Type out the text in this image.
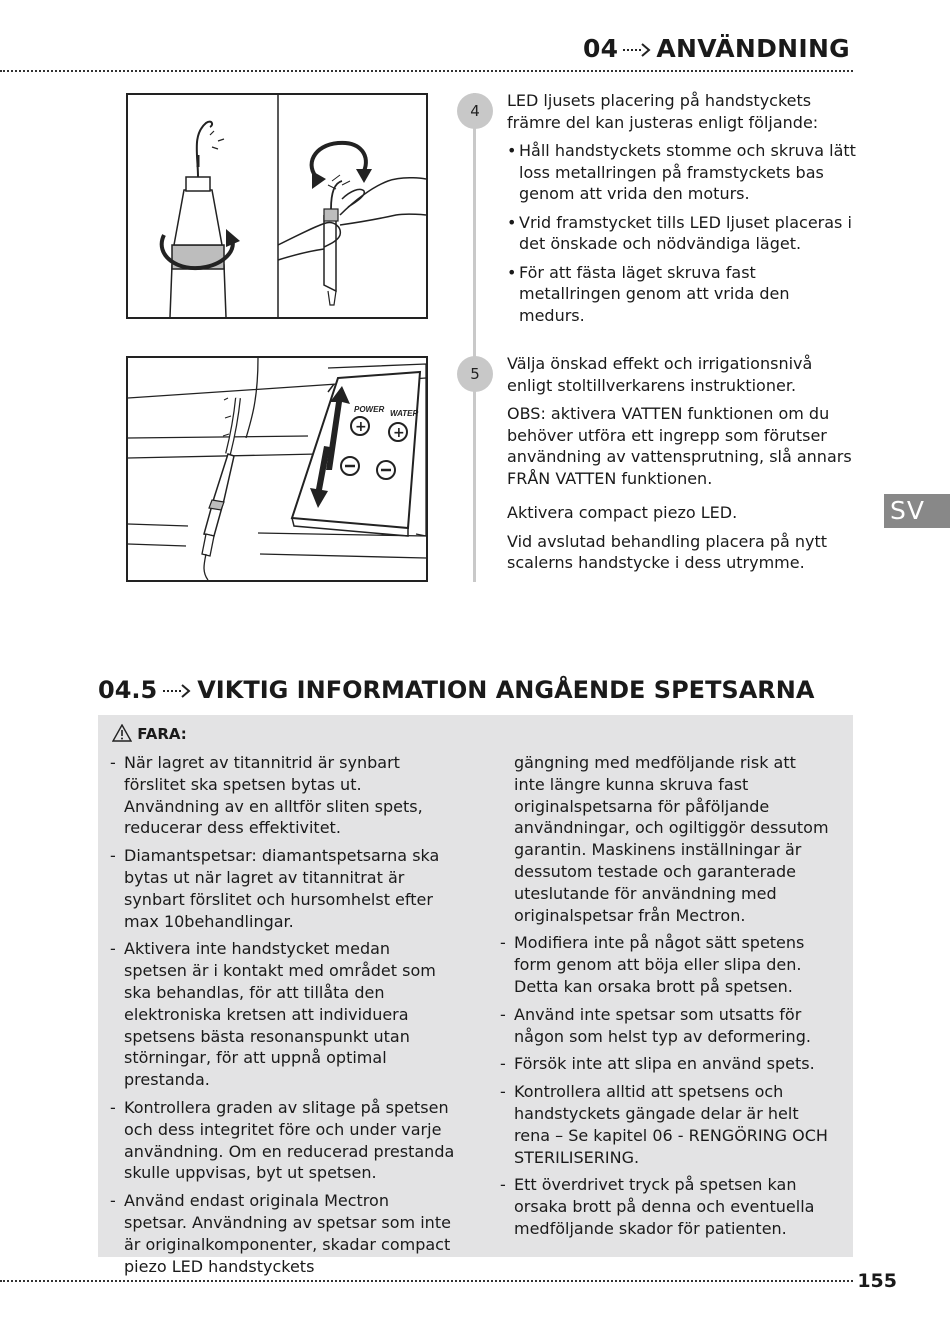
04 ANVÄNDNING
POWER WATER
+ +
4

LED ljusets placering på handstyckets främre del kan justeras enligt följande:

• Håll handstyckets stomme och skruva lätt loss metallringen på framstyckets bas genom att vrida den moturs.
• Vrid framstycket tills LED ljuset placeras i det önskade och nödvändiga läget.
• För att fästa läget skruva fast metallringen genom att vrida den medurs.
5

Välja önskad effekt och irrigationsnivå enligt stoltillverkarens instruktioner.

OBS: aktivera VATTEN funktionen om du behöver utföra ett ingrepp som förutser användning av vattensprutning, slå annars FRÅN VATTEN funktionen.

Aktivera compact piezo LED.

Vid avslutad behandling placera på nytt scalerns handstycke i dess utrymme.

SV
04.5 VIKTIG INFORMATION ANGÅENDE SPETSARNA
FARA:
- När lagret av titannitrid är synbart förslitet ska spetsen bytas ut. Användning av en alltför sliten spets, reducerar dess effektivitet.
- Diamantspetsar: diamantspetsarna ska bytas ut när lagret av titannitrat är synbart förslitet och hursomhelst efter max 10behandlingar.
- Aktivera inte handstycket medan spetsen är i kontakt med området som ska behandlas, för att tillåta den elektroniska kretsen att individuera spetsens bästa resonanspunkt utan störningar, för att uppnå optimal prestanda.
- Kontrollera graden av slitage på spetsen och dess integritet före och under varje användning. Om en reducerad prestanda skulle uppvisas, byt ut spetsen.
- Använd endast originala Mectron spetsar. Användning av spetsar som inte är originalkomponenter, skadar compact piezo LED handstyckets
gängning med medföljande risk att inte längre kunna skruva fast originalspetsarna för påföljande användningar, och ogiltiggör dessutom garantin. Maskinens inställningar är dessutom testade och garanterade uteslutande för användning med originalspetsar från Mectron.
- Modifiera inte på något sätt spetens form genom att böja eller slipa den. Detta kan orsaka brott på spetsen.
- Använd inte spetsar som utsatts för någon som helst typ av deformering.
- Försök inte att slipa en använd spets.
- Kontrollera alltid att spetsens och handstyckets gängade delar är helt rena – Se kapitel 06 - RENGÖRING OCH STERILISERING.
- Ett överdrivet tryck på spetsen kan orsaka brott på denna och eventuella medföljande skador för patienten.
155
